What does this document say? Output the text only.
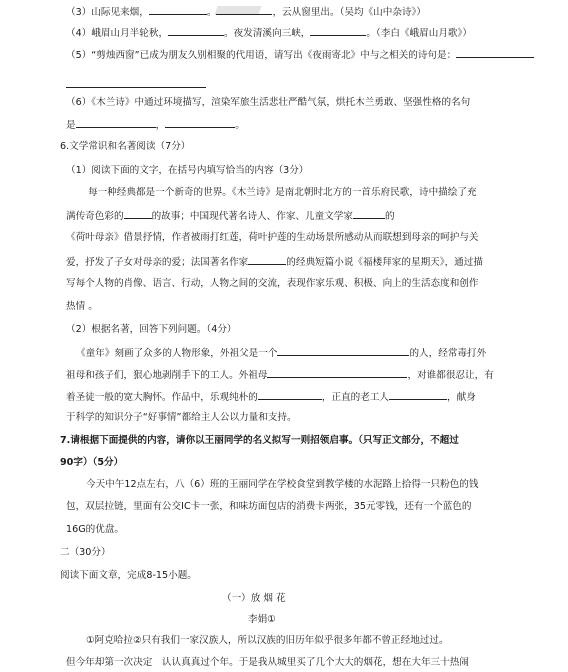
（3）山际见来烟，	。	，云从窗里出。（吴均《山中杂诗》）
（4）峨眉山月半轮秋，	。夜发清溪向三峡，	。（李白《峨眉山月歌》）
（5）“剪烛西窗”已成为朋友久别相聚的代用语，请写出《夜雨寄北》中与之相关的诗句是：
（6）《木兰诗》中通过环境描写，渲染军旅生活悲壮严酷气氛，烘托木兰勇敢、坚强性格的名句
是	，	。
6.文学常识和名著阅读（7分）
（1）阅读下面的文字，在括号内填写恰当的内容（3分）
每一种经典都是一个新奇的世界。《木兰诗》是南北朝时北方的一首乐府民歌，诗中描绘了充
满传奇色彩的	的故事；中国现代著名诗人、作家、儿童文学家	的
《荷叶母亲》借景抒情，作者被雨打红莲，荷叶护莲的生动场景所感动从而联想到母亲的呵护与关
爱，抒发了子女对母亲的爱；法国著名作家	的经典短篇小说《福楼拜家的星期天》，通过描
写每个人物的肖像、语言、行动，人物之间的交流，表现作家乐观、积极、向上的生活态度和创作
热情 。
（2）根据名著，回答下列问题。（4分）
《童年》刻画了众多的人物形象，外祖父是一个	的人，经常毒打外
祖母和孩子们，狠心地剥削手下的工人。外祖母	，对谁都很忍让，有
着圣徒一般的宽大胸怀。作品中，乐观纯朴的	，正直的老工人	，献身
于科学的知识分子“好事情”都给主人公以力量和支持。
7.请根据下面提供的内容，请你以王丽同学的名义拟写一则招领启事。（只写正文部分，不超过
90字）（5分）
今天中午12点左右，八（6）班的王丽同学在学校食堂到教学楼的水泥路上拾得一只粉色的钱
包，双层拉链，里面有公交IC卡一张，和味坊面包店的消费卡两张，35元零钱，还有一个蓝色的
16G的优盘。
二（30分）
阅读下面文章，完成8-15小题。
（一）放 烟 花
李娟①
①阿克哈拉②只有我们一家汉族人，所以汉族的旧历年似乎很多年都不曾正经地过过。
但今年却第一次决定　认认真真过个年。于是我从城里买了几个大大的烟花，想在大年三十热闹
